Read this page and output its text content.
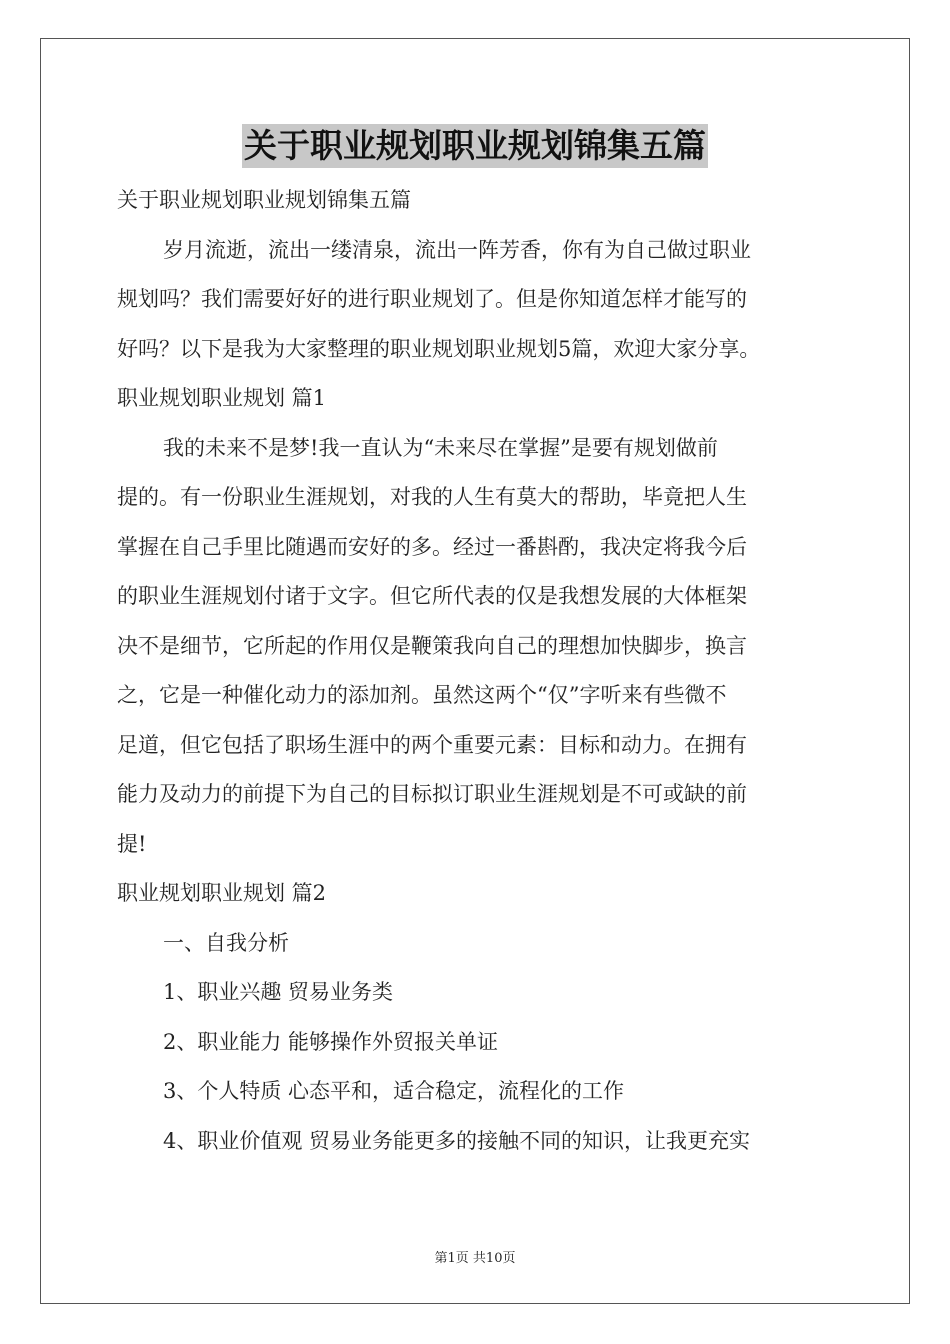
关于职业规划职业规划锦集五篇
关于职业规划职业规划锦集五篇
岁月流逝，流出一缕清泉，流出一阵芳香，你有为自己做过职业
规划吗？我们需要好好的进行职业规划了。但是你知道怎样才能写的
好吗？以下是我为大家整理的职业规划职业规划5篇，欢迎大家分享。
职业规划职业规划 篇1
我的未来不是梦!我一直认为“未来尽在掌握”是要有规划做前
提的。有一份职业生涯规划，对我的人生有莫大的帮助，毕竟把人生
掌握在自己手里比随遇而安好的多。经过一番斟酌，我决定将我今后
的职业生涯规划付诸于文字。但它所代表的仅是我想发展的大体框架
决不是细节，它所起的作用仅是鞭策我向自己的理想加快脚步，换言
之，它是一种催化动力的添加剂。虽然这两个“仅”字听来有些微不
足道，但它包括了职场生涯中的两个重要元素：目标和动力。在拥有
能力及动力的前提下为自己的目标拟订职业生涯规划是不可或缺的前
提!
职业规划职业规划 篇2
一、自我分析
1、职业兴趣 贸易业务类
2、职业能力 能够操作外贸报关单证
3、个人特质 心态平和，适合稳定，流程化的工作
4、职业价值观 贸易业务能更多的接触不同的知识，让我更充实
第1页 共10页
